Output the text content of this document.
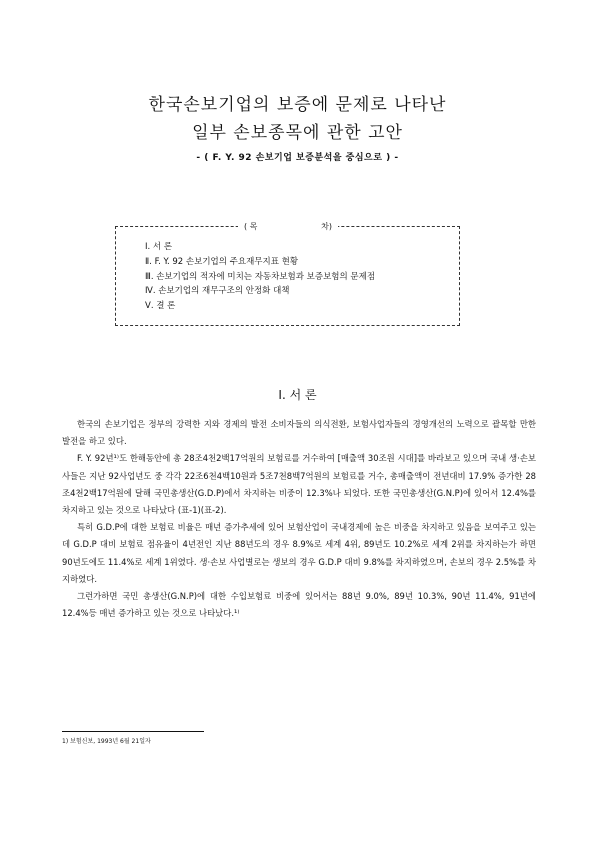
한국손보기업의 보증에 문제로 나타난
일부 손보종목에 관한 고안

- ( F. Y. 92 손보기업 보증분석을 중심으로 ) -

( 목	차)
Ⅰ. 서 론
Ⅱ. F. Y. 92 손보기업의 주요재무지표 현황
Ⅲ. 손보기업의 적자에 미치는 자동차보험과 보증보험의 문제점
Ⅳ. 손보기업의 재무구조의 안정화 대책
Ⅴ. 결 론
Ⅰ. 서 론

한국의 손보기업은 정부의 강력한 지와 경제의 발전 소비자들의 의식전환, 보험사업자들의 경영개선의 노력으로 괄목할 만한 발전을 하고 있다.

F. Y. 92년¹⁾도 한해동안에 총 28조4천2백17억원의 보험료를 거수하여 [매출액 30조원 시대]를 바라보고 있으며 국내 생·손보사들은 지난 92사업년도 중 각각 22조6천4백10원과 5조7천8백7억원의 보험료를 거수, 총매출액이 전년대비 17.9% 증가한 28조4천2백17억원에 달해 국민총생산(G.D.P)에서 차지하는 비중이 12.3%나 되었다. 또한 국민총생산(G.N.P)에 있어서 12.4%를 차지하고 있는 것으로 나타났다 (표-1)(표-2).

특히 G.D.P에 대한 보험료 비율은 매년 증가추세에 있어 보험산업이 국내경제에 높은 비중을 차지하고 있음을 보여주고 있는데 G.D.P 대비 보험료 점유율이 4년전인 지난 88년도의 경우 8.9%로 세계 4위, 89년도 10.2%로 세계 2위를 차지하는가 하면 90년도에도 11.4%로 세계 1위였다. 생·손보 사업별로는 생보의 경우 G.D.P 대비 9.8%를 차지하였으며, 손보의 경우 2.5%를 차지하였다.

그런가하면 국민 총생산(G.N.P)에 대한 수입보험료 비중에 있어서는 88년 9.0%, 89년 10.3%, 90년 11.4%, 91년에 12.4%등 매년 증가하고 있는 것으로 나타났다.¹⁾

1) 보험신보, 1993년 6월 21일자
